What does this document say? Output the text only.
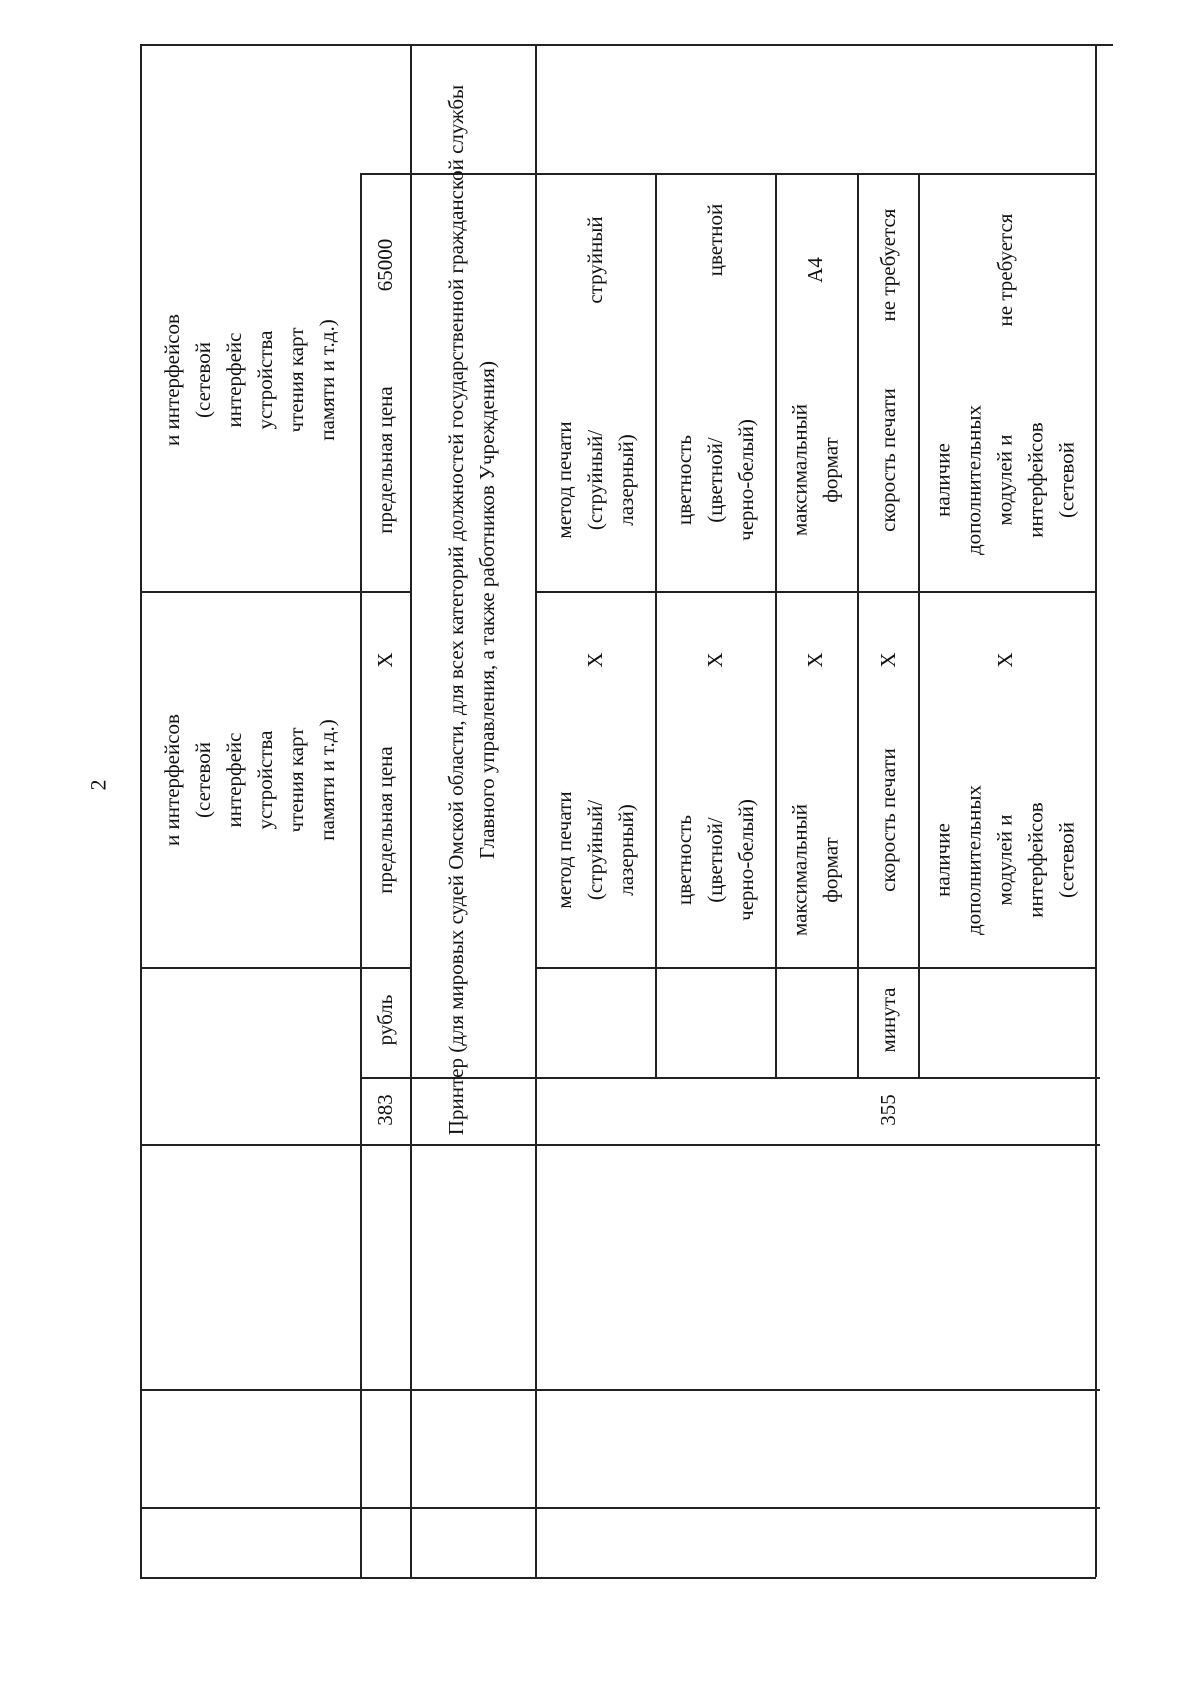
2
и интерфейсов
(сетевой
интерфейс
устройства
чтения карт
памяти и т.д.)
и интерфейсов
(сетевой
интерфейс
устройства
чтения карт
памяти и т.д.)
383
рубль
предельная цена
Х
предельная цена
65000	Принтер (для мировых судей Омской области, для всех категорий должностей государственной гражданской службы Главного управления, а также работников Учреждения)
метод печати
(струйный/
лазерный)
Х
метод печати
(струйный/
лазерный)
струйный
цветность
(цветной/
черно-белый)
Х
цветность
(цветной/
черно-белый)
цветной
максимальный
формат
Х
максимальный
формат
А4
355
минута
скорость печати
Х
скорость печати
не требуется
наличие
дополнительных
модулей и
интерфейсов
(сетевой
Х
наличие
дополнительных
модулей и
интерфейсов
(сетевой
не требуется
